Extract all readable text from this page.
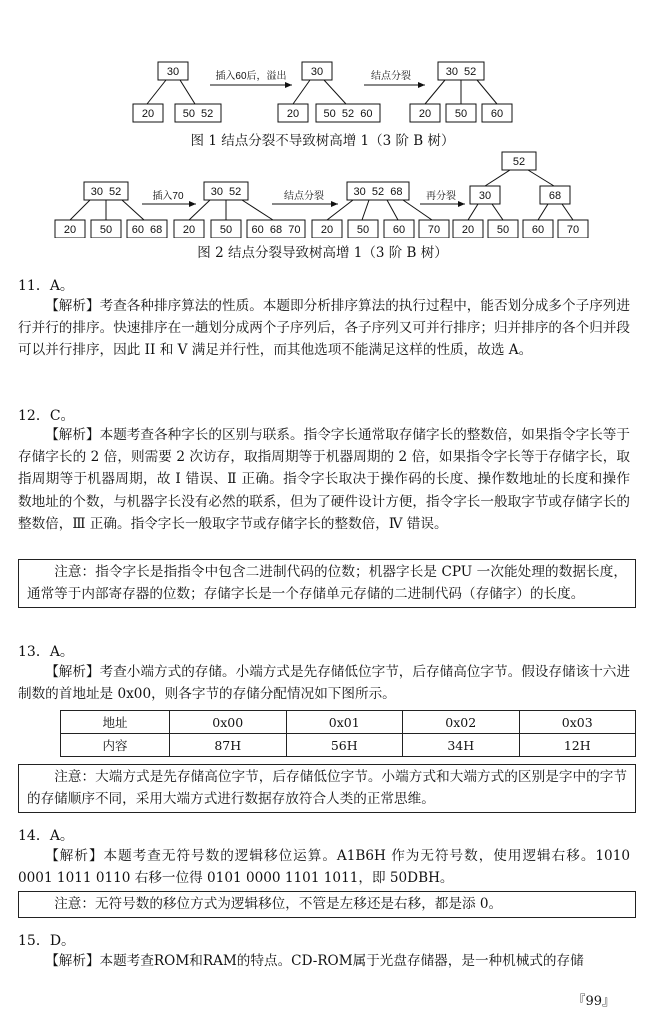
30
20	50  52
插入60后，溢出 30
20 50  52  60
结点分裂	30  52
20 50 60
图 1 结点分裂不导致树高增 1（3 阶 B 树）
30  52
20 50 60  68
插入70 30  52
20 50 60  68  70
结点分裂	30  52  68
20 50 60 70
再分裂
52
30	68
20 50 60 70
图 2 结点分裂导致树高增 1（3 阶 B 树）
11．A。
【解析】考查各种排序算法的性质。本题即分析排序算法的执行过程中，能否划分成多个子序列进行并行的排序。快速排序在一趟划分成两个子序列后，各子序列又可并行排序；归并排序的各个归并段可以并行排序，因此 II 和 V 满足并行性，而其他选项不能满足这样的性质，故选 A。
12．C。
【解析】本题考查各种字长的区别与联系。指令字长通常取存储字长的整数倍，如果指令字长等于存储字长的 2 倍，则需要 2 次访存，取指周期等于机器周期的 2 倍，如果指令字长等于存储字长，取指周期等于机器周期，故 Ⅰ 错误、Ⅱ 正确。指令字长取决于操作码的长度、操作数地址的长度和操作数地址的个数，与机器字长没有必然的联系，但为了硬件设计方便，指令字长一般取字节或存储字长的整数倍，Ⅲ 正确。指令字长一般取字节或存储字长的整数倍，Ⅳ 错误。
注意：指令字长是指指令中包含二进制代码的位数；机器字长是 CPU 一次能处理的数据长度，通常等于内部寄存器的位数；存储字长是一个存储单元存储的二进制代码（存储字）的长度。
13．A。
【解析】考查小端方式的存储。小端方式是先存储低位字节，后存储高位字节。假设存储该十六进制数的首地址是 0x00，则各字节的存储分配情况如下图所示。
地址	0x00	0x01	0x02	0x03
内容	87H	56H	34H	12H
注意：大端方式是先存储高位字节，后存储低位字节。小端方式和大端方式的区别是字中的字节的存储顺序不同，采用大端方式进行数据存放符合人类的正常思维。
14．A。
【解析】本题考查无符号数的逻辑移位运算。A1B6H 作为无符号数，使用逻辑右移。1010 0001 1011 0110 右移一位得 0101 0000 1101 1011，即 50DBH。
注意：无符号数的移位方式为逻辑移位，不管是左移还是右移，都是添 0。
15．D。
【解析】本题考查ROM和RAM的特点。CD-ROM属于光盘存储器，是一种机械式的存储
『99』
